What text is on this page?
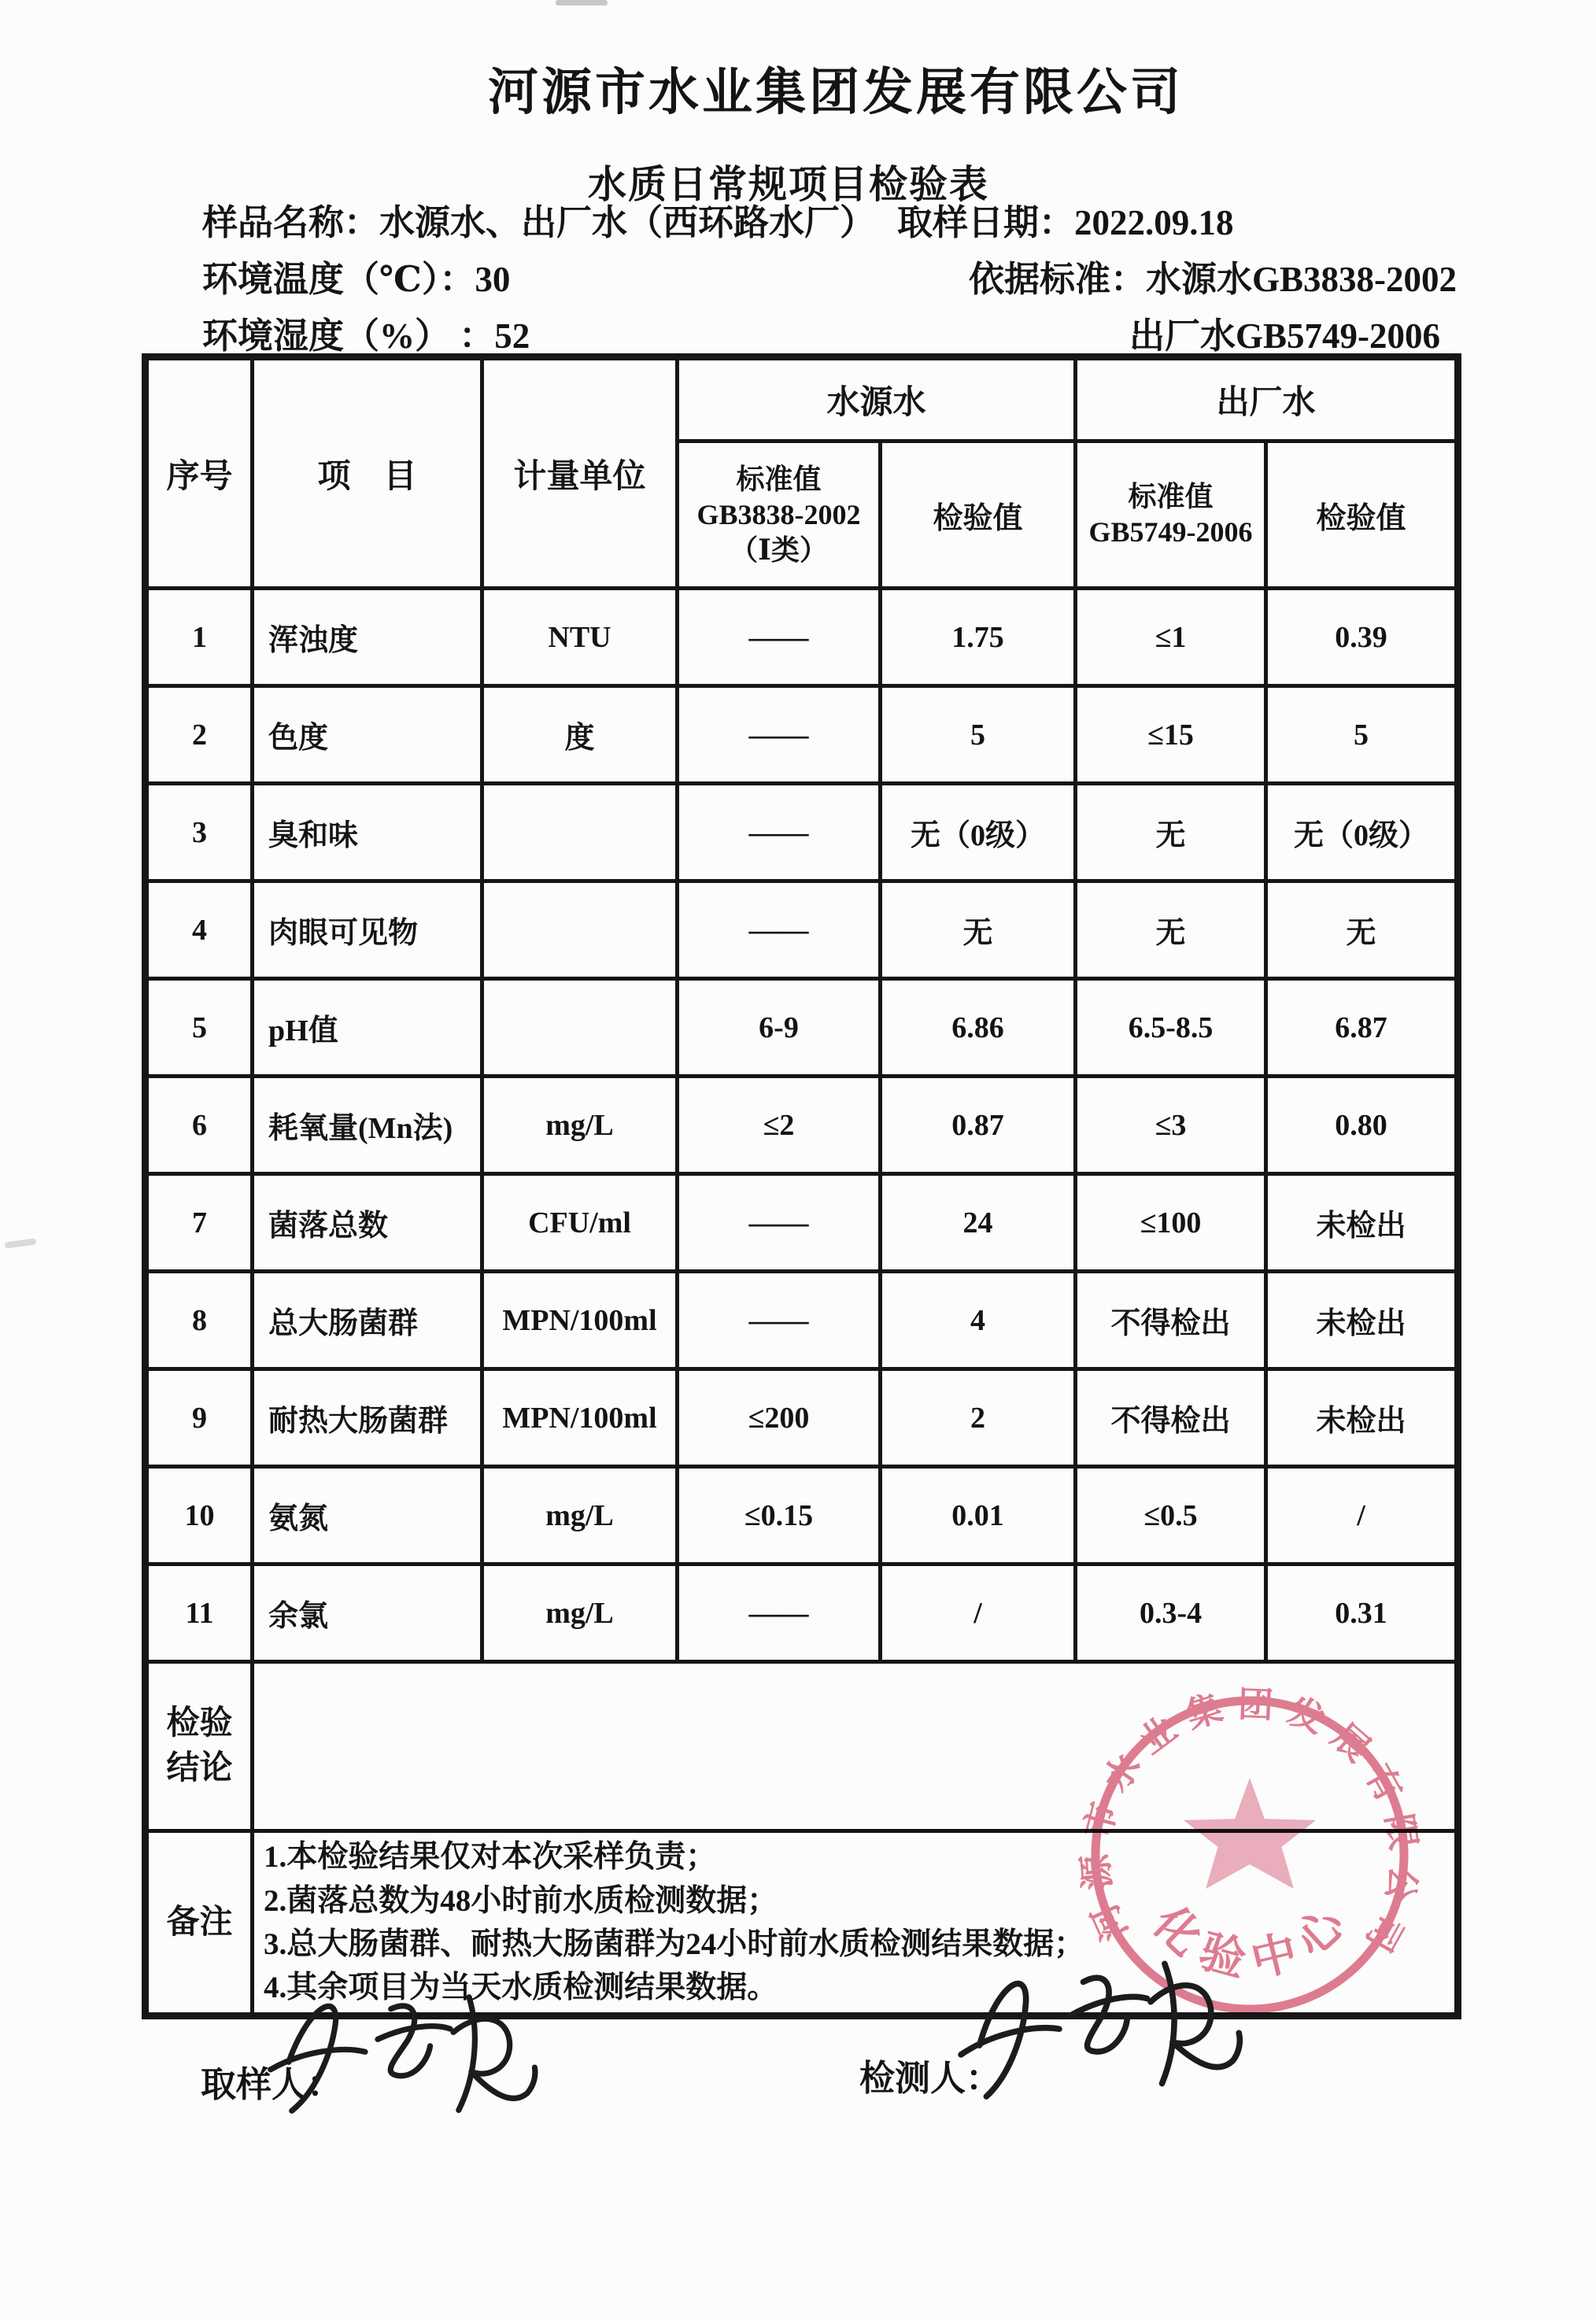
河源市水业集团发展有限公司
水质日常规项目检验表
样品名称：水源水、出厂水（西环路水厂） 取样日期：2022.09.18
环境温度（℃）：30	依据标准：水源水GB3838-2002
环境湿度（%） ：52	出厂水GB5749-2006
序号	项　目	计量单位	水源水		出厂水	

			标准值
GB3838-2002
（Ⅰ类）	检验值	标准值
GB5749-2006	检验值
1	浑浊度	NTU	——	1.75	≤1	0.39
2	色度	度	——	5	≤15	5
3	臭和味		——	无（0级）	无	无（0级）
4	肉眼可见物		——	无	无	无
5	pH值		6-9	6.86	6.5-8.5	6.87
6	耗氧量(Mn法)	mg/L	≤2	0.87	≤3	0.80
7	菌落总数	CFU/ml	——	24	≤100	未检出
8	总大肠菌群	MPN/100ml	——	4	不得检出	未检出
9	耐热大肠菌群	MPN/100ml	≤200	2	不得检出	未检出
10	氨氮	mg/L	≤0.15	0.01	≤0.5	/
11	余氯	mg/L	——	/	0.3-4	0.31

检验
结论						

备注	1.本检验结果仅对本次采样负责；
2.菌落总数为48小时前水质检测数据；
3.总大肠菌群、耐热大肠菌群为24小时前水质检测结果数据；
4.其余项目为当天水质检测结果数据。					
河源市水业集团发展有限公司
化验中心
取样人：	检测人：
